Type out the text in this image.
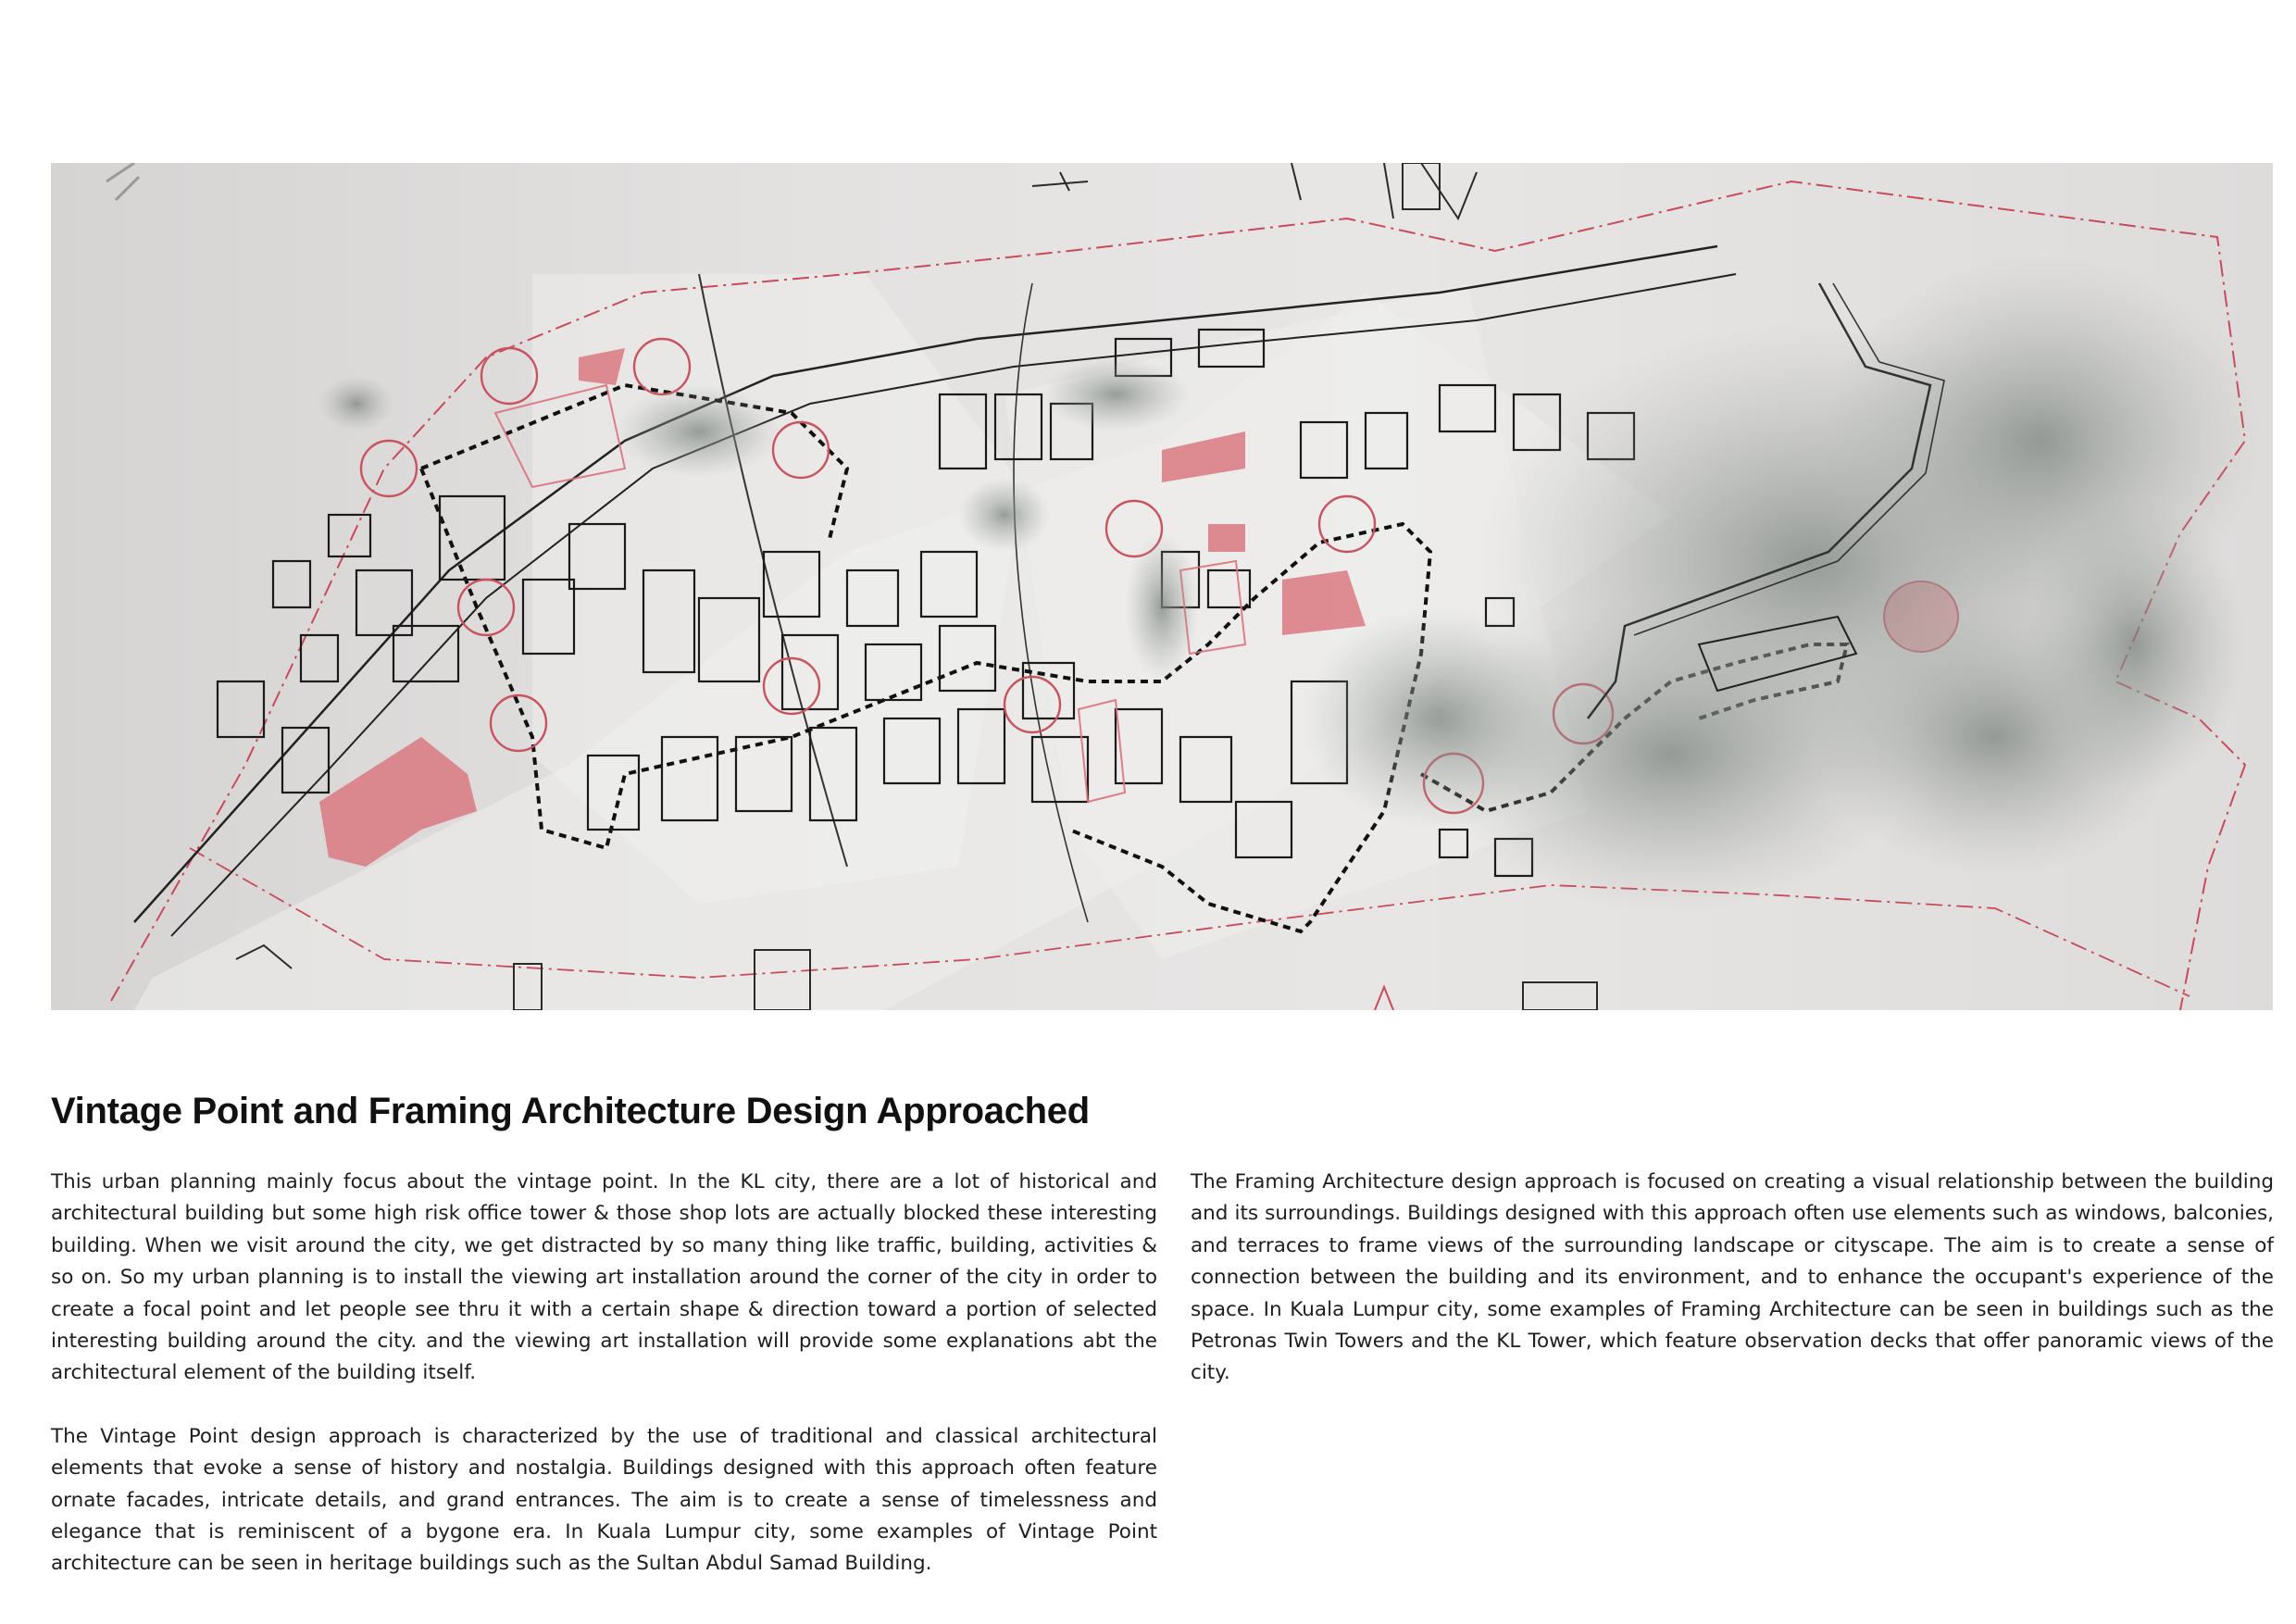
Vintage Point and Framing Architecture Design Approached

This urban planning mainly focus about the vintage point. In the KL city, there are a lot of historical and architectural building but some high risk office tower & those shop lots are actually blocked these interesting building. When we visit around the city, we get distracted by so many thing like traffic, building, activities & so on. So my urban planning is to install the viewing art installation around the corner of the city in order to create a focal point and let people see thru it with a certain shape & direction toward a portion of selected interesting building around the city. and the viewing art installation will provide some explanations abt the architectural element of the building itself.

The Vintage Point design approach is characterized by the use of traditional and classical architectural elements that evoke a sense of history and nostalgia. Buildings designed with this approach often feature ornate facades, intricate details, and grand entrances. The aim is to create a sense of timelessness and elegance that is reminiscent of a bygone era. In Kuala Lumpur city, some examples of Vintage Point architecture can be seen in heritage buildings such as the Sultan Abdul Samad Building.

The Framing Architecture design approach is focused on creating a visual relationship between the building and its surroundings. Buildings designed with this approach often use elements such as windows, balconies, and terraces to frame views of the surrounding landscape or cityscape. The aim is to create a sense of connection between the building and its environment, and to enhance the occupant's experience of the space. In Kuala Lumpur city, some examples of Framing Architecture can be seen in buildings such as the Petronas Twin Towers and the KL Tower, which feature observation decks that offer panoramic views of the city.
